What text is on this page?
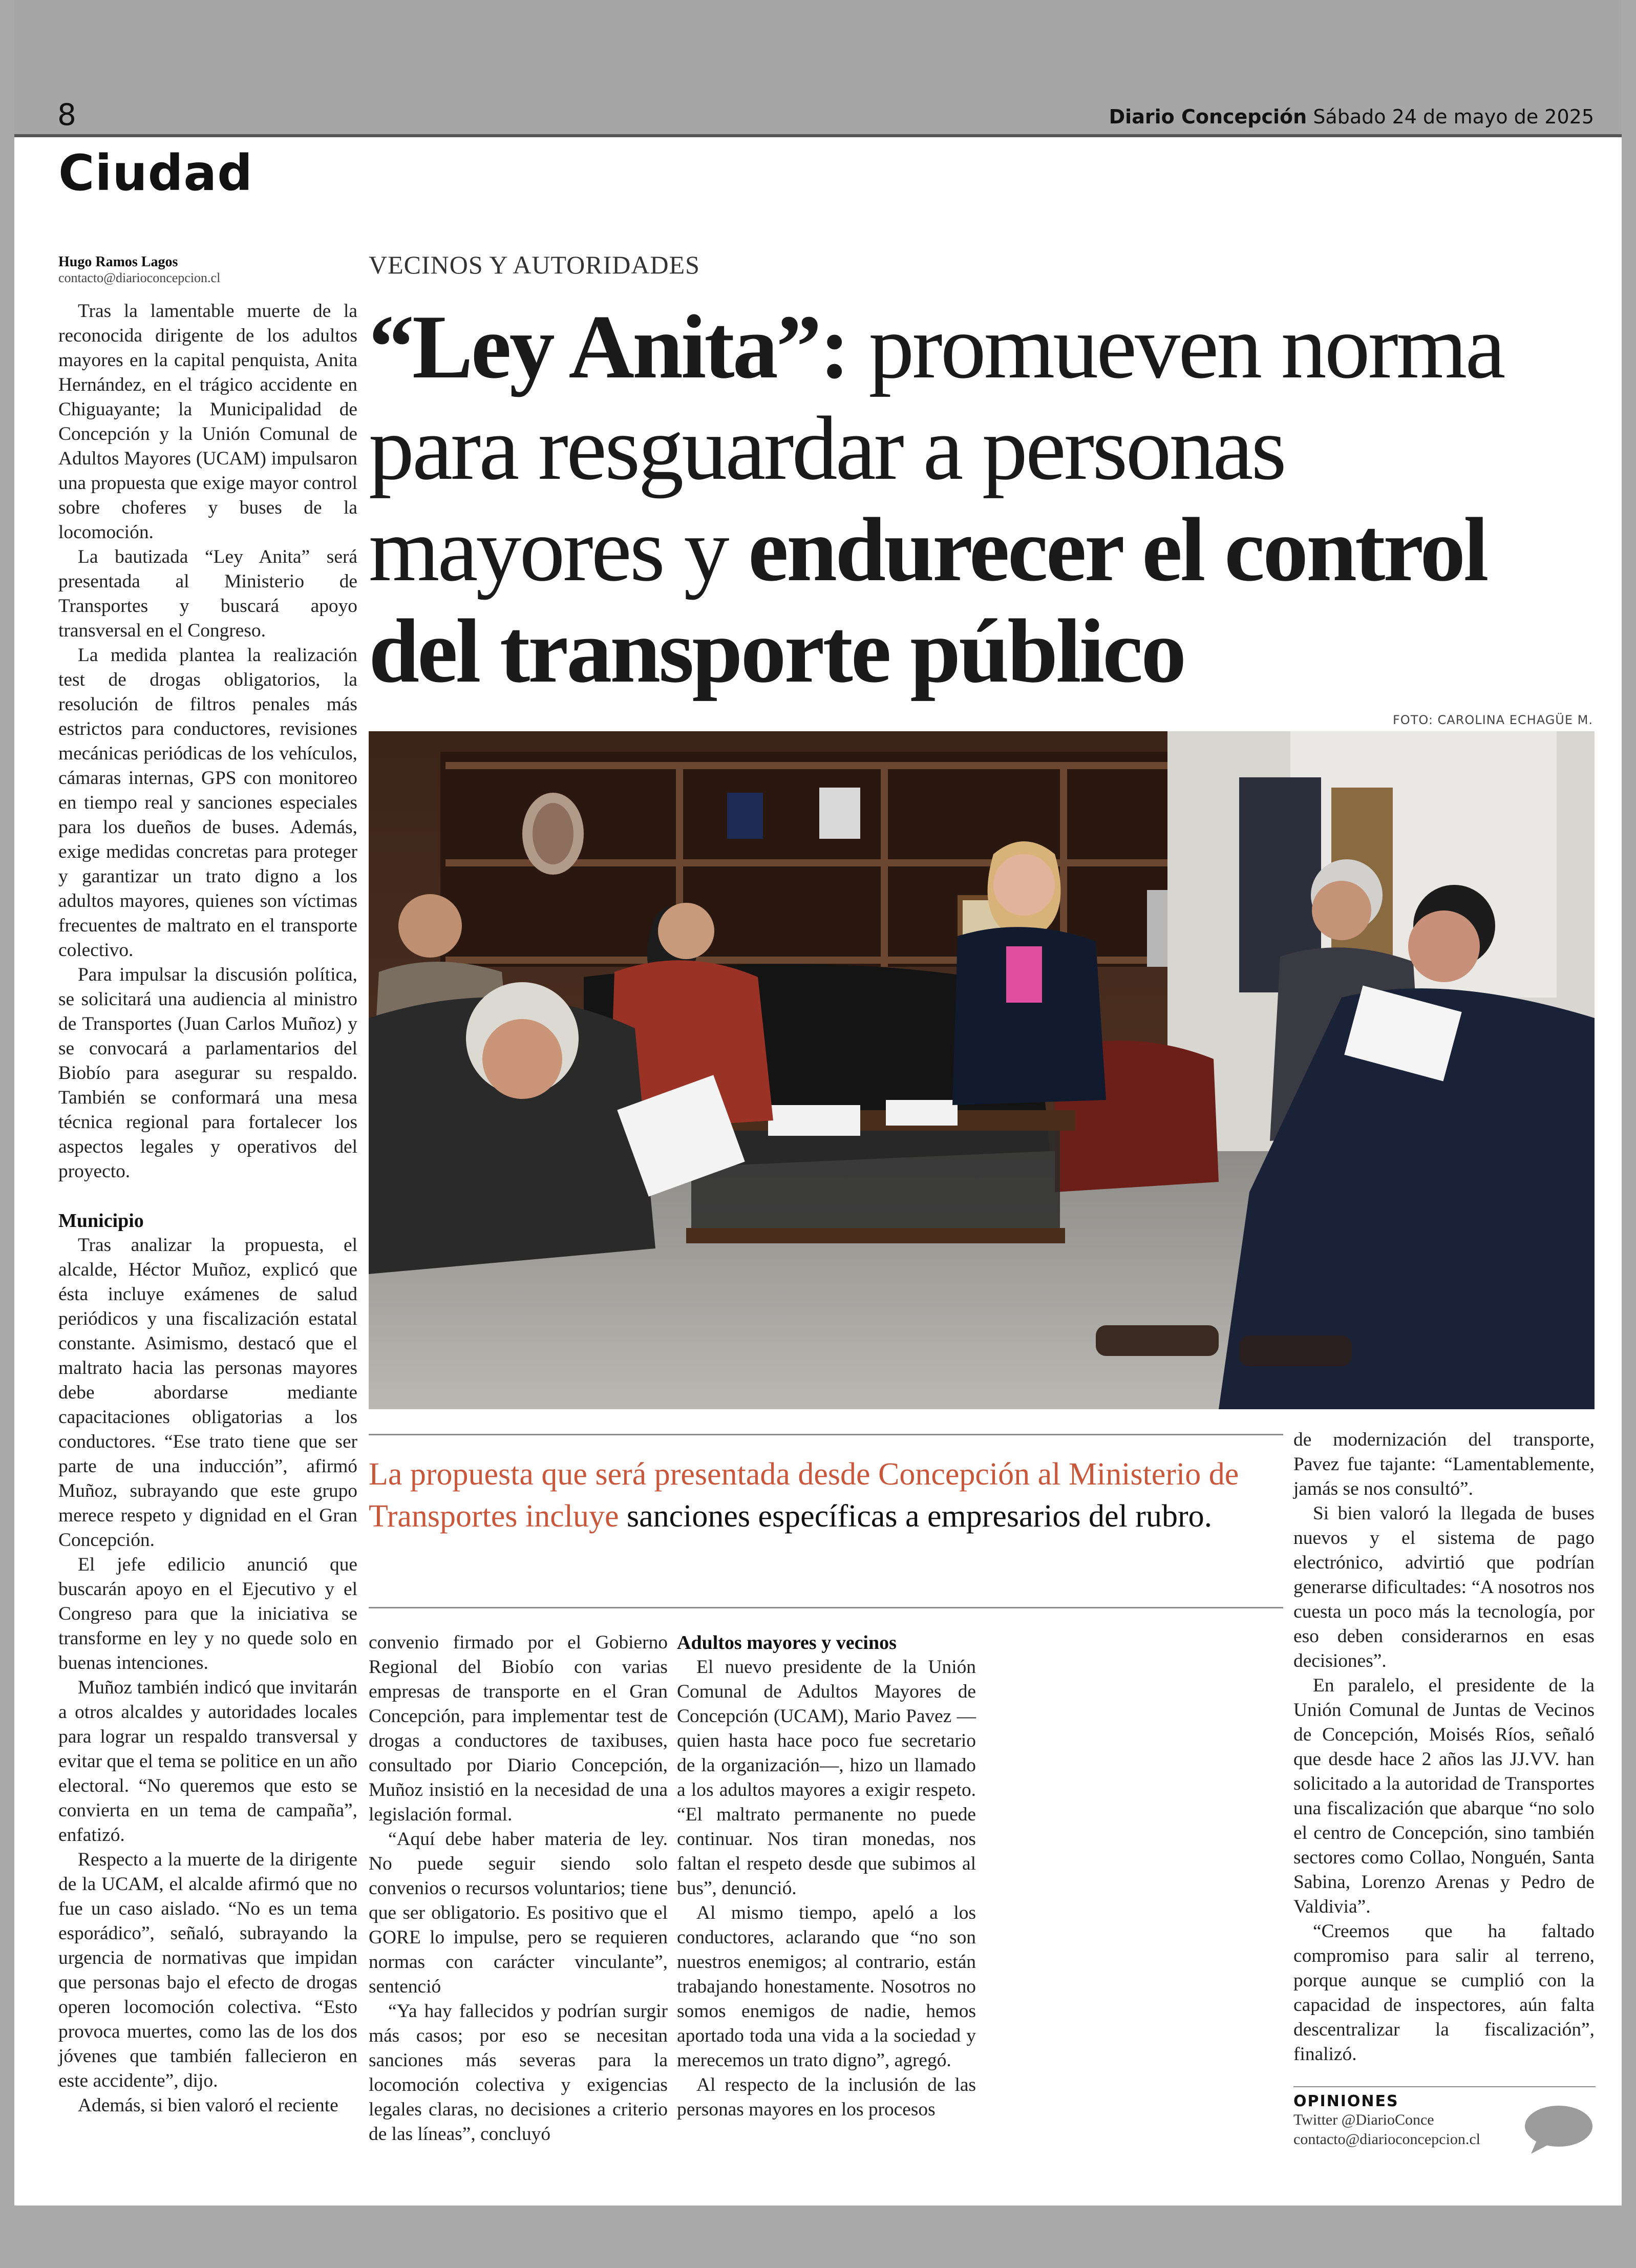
8	Diario Concepción Sábado 24 de mayo de 2025
Ciudad
Hugo Ramos Lagos
contacto@diarioconcepcion.cl	VECINOS Y AUTORIDADES
“Ley Anita”: promueven norma para resguardar a personas mayores y endurecer el control del transporte público
FOTO: CAROLINA ECHAGÜE M.
La propuesta que será presentada desde Concepción al Ministerio de Transportes incluye sanciones específicas a empresarios del rubro.

Tras la lamentable muerte de la reconocida dirigente de los adultos mayores en la capital penquista, Anita Hernández, en el trágico accidente en Chiguayante; la Municipalidad de Concepción y la Unión Comunal de Adultos Mayores (UCAM) impulsaron una propuesta que exige mayor control sobre choferes y buses de la locomoción.

La bautizada “Ley Anita” será presentada al Ministerio de Transportes y buscará apoyo transversal en el Congreso.

La medida plantea la realización test de drogas obligatorios, la resolución de filtros penales más estrictos para conductores, revisiones mecánicas periódicas de los vehículos, cámaras internas, GPS con monitoreo en tiempo real y sanciones especiales para los dueños de buses. Además, exige medidas concretas para proteger y garantizar un trato digno a los adultos mayores, quienes son víctimas frecuentes de maltrato en el transporte colectivo.

Para impulsar la discusión política, se solicitará una audiencia al ministro de Transportes (Juan Carlos Muñoz) y se convocará a parlamentarios del Biobío para asegurar su respaldo. También se conformará una mesa técnica regional para fortalecer los aspectos legales y operativos del proyecto.

Municipio

Tras analizar la propuesta, el alcalde, Héctor Muñoz, explicó que ésta incluye exámenes de salud periódicos y una fiscalización estatal constante. Asimismo, destacó que el maltrato hacia las personas mayores debe abordarse mediante capacitaciones obligatorias a los conductores. “Ese trato tiene que ser parte de una inducción”, afirmó Muñoz, subrayando que este grupo merece respeto y dignidad en el Gran Concepción.

El jefe edilicio anunció que buscarán apoyo en el Ejecutivo y el Congreso para que la iniciativa se transforme en ley y no quede solo en buenas intenciones.

Muñoz también indicó que invitarán a otros alcaldes y autoridades locales para lograr un respaldo transversal y evitar que el tema se politice en un año electoral. “No queremos que esto se convierta en un tema de campaña”, enfatizó.

Respecto a la muerte de la dirigente de la UCAM, el alcalde afirmó que no fue un caso aislado. “No es un tema esporádico”, señaló, subrayando la urgencia de normativas que impidan que personas bajo el efecto de drogas operen locomoción colectiva. “Esto provoca muertes, como las de los dos jóvenes que también fallecieron en este accidente”, dijo.

Además, si bien valoró el reciente

convenio firmado por el Gobierno Regional del Biobío con varias empresas de transporte en el Gran Concepción, para implementar test de drogas a conductores de taxibuses, consultado por Diario Concepción, Muñoz insistió en la necesidad de una legislación formal.

“Aquí debe haber materia de ley. No puede seguir siendo solo convenios o recursos voluntarios; tiene que ser obligatorio. Es positivo que el GORE lo impulse, pero se requieren normas con carácter vinculante”, sentenció

“Ya hay fallecidos y podrían surgir más casos; por eso se necesitan sanciones más severas para la locomoción colectiva y exigencias legales claras, no decisiones a criterio de las líneas”, concluyó

Adultos mayores y vecinos

El nuevo presidente de la Unión Comunal de Adultos Mayores de Concepción (UCAM), Mario Pavez —quien hasta hace poco fue secretario de la organización—, hizo un llamado a los adultos mayores a exigir respeto. “El maltrato permanente no puede continuar. Nos tiran monedas, nos faltan el respeto desde que subimos al bus”, denunció.

Al mismo tiempo, apeló a los conductores, aclarando que “no son nuestros enemigos; al contrario, están trabajando honestamente. Nosotros no somos enemigos de nadie, hemos aportado toda una vida a la sociedad y merecemos un trato digno”, agregó.

Al respecto de la inclusión de las personas mayores en los procesos

de modernización del transporte, Pavez fue tajante: “Lamentablemente, jamás se nos consultó”.

Si bien valoró la llegada de buses nuevos y el sistema de pago electrónico, advirtió que podrían generarse dificultades: “A nosotros nos cuesta un poco más la tecnología, por eso deben considerarnos en esas decisiones”.

En paralelo, el presidente de la Unión Comunal de Juntas de Vecinos de Concepción, Moisés Ríos, señaló que desde hace 2 años las JJ.VV. han solicitado a la autoridad de Transportes una fiscalización que abarque “no solo el centro de Concepción, sino también sectores como Collao, Nonguén, Santa Sabina, Lorenzo Arenas y Pedro de Valdivia”.

“Creemos que ha faltado compromiso para salir al terreno, porque aunque se cumplió con la capacidad de inspectores, aún falta descentralizar la fiscalización”, finalizó.

OPINIONES
Twitter @DiarioConce
contacto@diarioconcepcion.cl
